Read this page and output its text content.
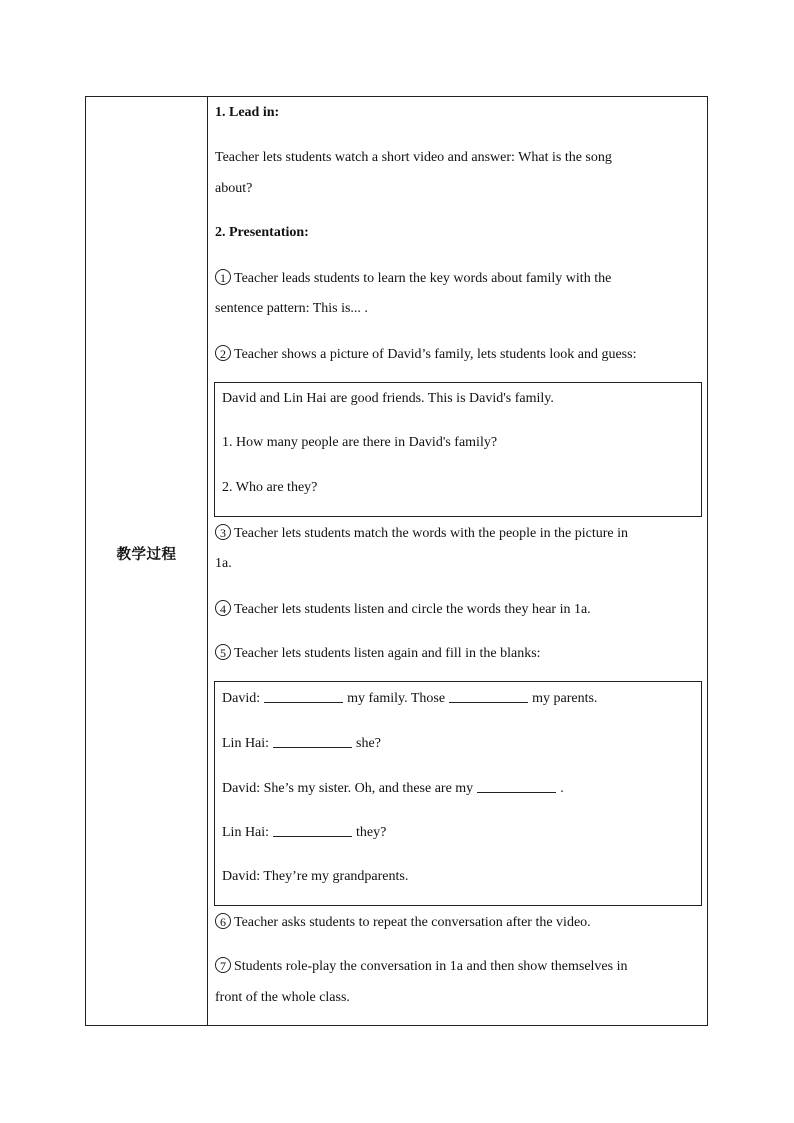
教学过程
1. Lead in:
Teacher lets students watch a short video and answer: What is the song
about?
2. Presentation:
1 Teacher leads students to learn the key words about family with the
sentence pattern: This is... .
2 Teacher shows a picture of David’s family, lets students look and guess:
David and Lin Hai are good friends. This is David's family.
1. How many people are there in David's family?
2. Who are they?
3 Teacher lets students match the words with the people in the picture in
1a.
4 Teacher lets students listen and circle the words they hear in 1a.
5 Teacher lets students listen again and fill in the blanks:
David:	my family. Those	my parents.
Lin Hai:	she?
David: She’s my sister. Oh, and these are my	.
Lin Hai:	they?
David: They’re my grandparents.
6 Teacher asks students to repeat the conversation after the video.
7 Students role-play the conversation in 1a and then show themselves in
front of the whole class.
